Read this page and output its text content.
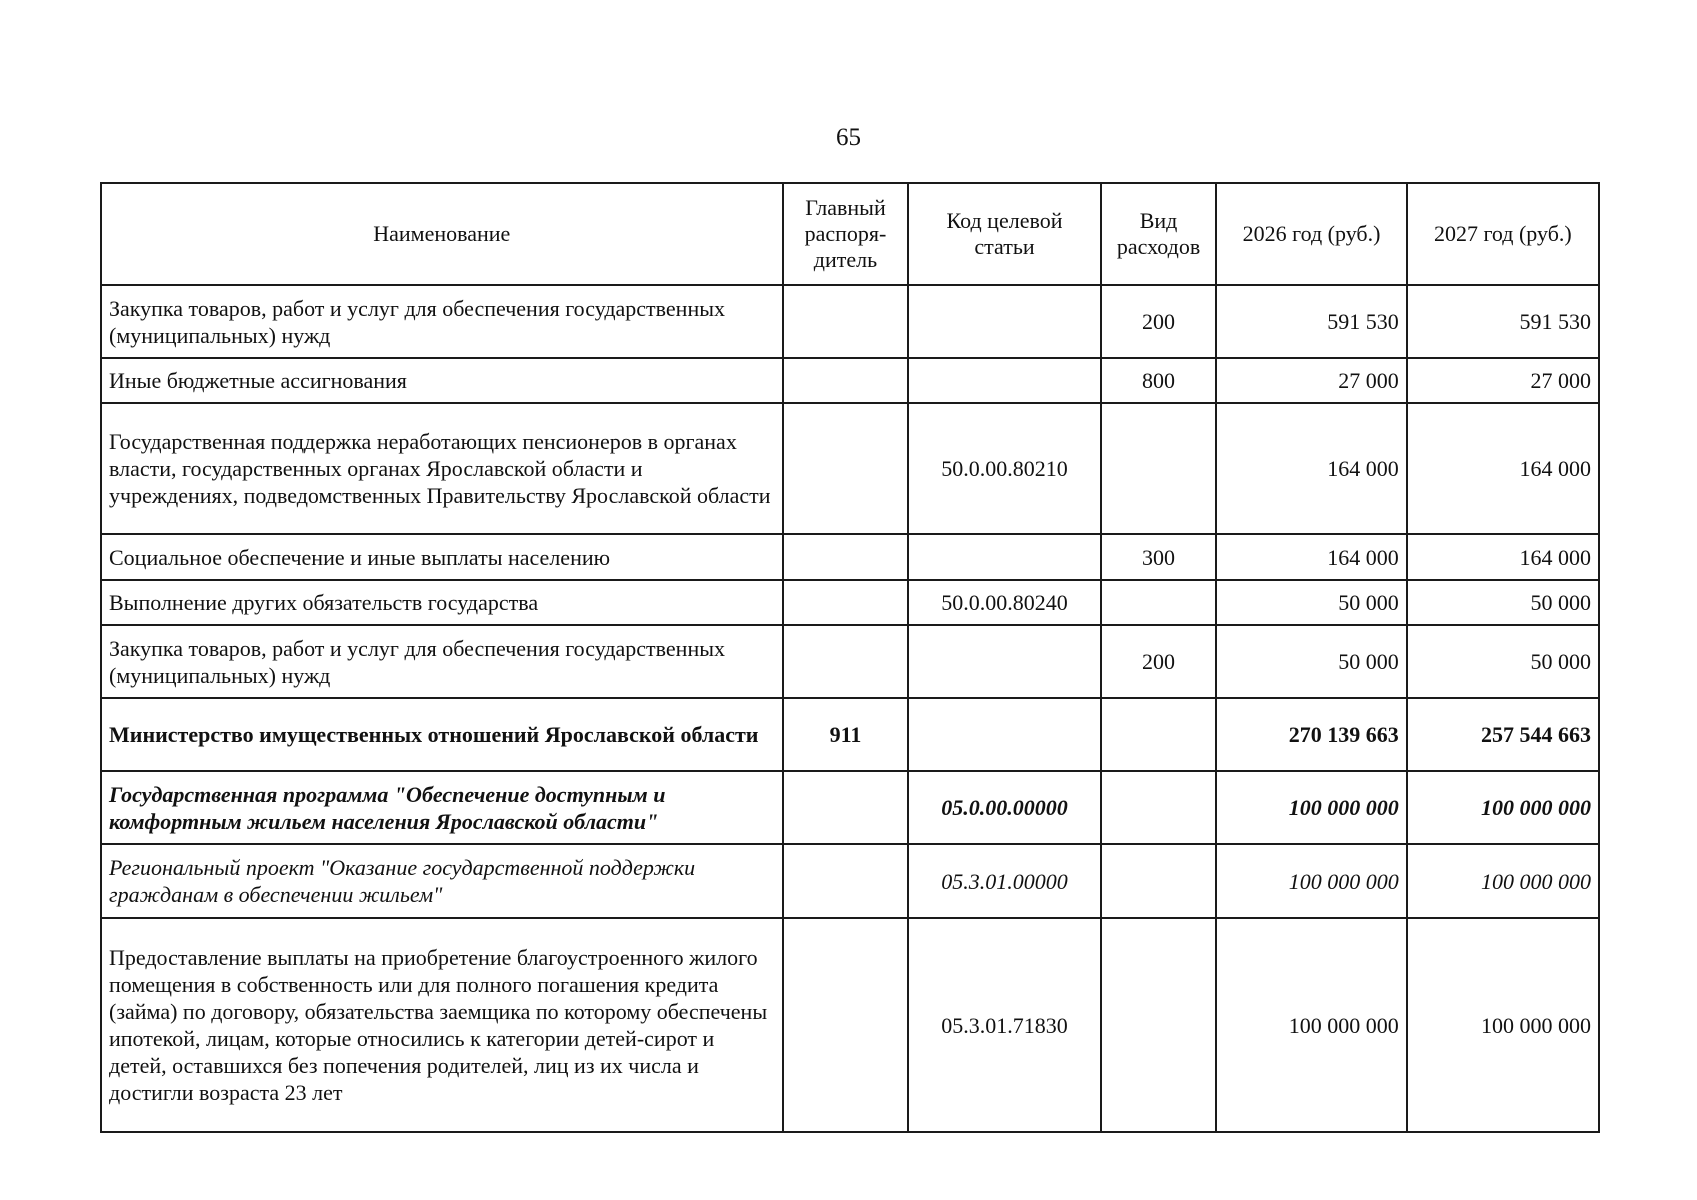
65
Наименование	Главный распоря-дитель	Код целевой статьи	Вид расходов	2026 год (руб.)	2027 год (руб.)
Закупка товаров, работ и услуг для обеспечения государственных (муниципальных) нужд			200	591 530	591 530
Иные бюджетные ассигнования			800	27 000	27 000
Государственная поддержка неработающих пенсионеров в органах власти, государственных органах Ярославской области и учреждениях, подведомственных Правительству Ярославской области		50.0.00.80210		164 000	164 000
Социальное обеспечение и иные выплаты населению			300	164 000	164 000
Выполнение других обязательств государства		50.0.00.80240		50 000	50 000
Закупка товаров, работ и услуг для обеспечения государственных (муниципальных) нужд			200	50 000	50 000
Министерство имущественных отношений Ярославской области	911			270 139 663	257 544 663
Государственная программа "Обеспечение доступным и комфортным жильем населения Ярославской области"		05.0.00.00000		100 000 000	100 000 000
Региональный проект "Оказание государственной поддержки гражданам в обеспечении жильем"		05.3.01.00000		100 000 000	100 000 000
Предоставление выплаты на приобретение благоустроенного жилого помещения в собственность или для полного погашения кредита (займа) по договору, обязательства заемщика по которому обеспечены ипотекой, лицам, которые относились к категории детей-сирот и детей, оставшихся без попечения родителей, лиц из их числа и достигли возраста 23 лет		05.3.01.71830		100 000 000	100 000 000
